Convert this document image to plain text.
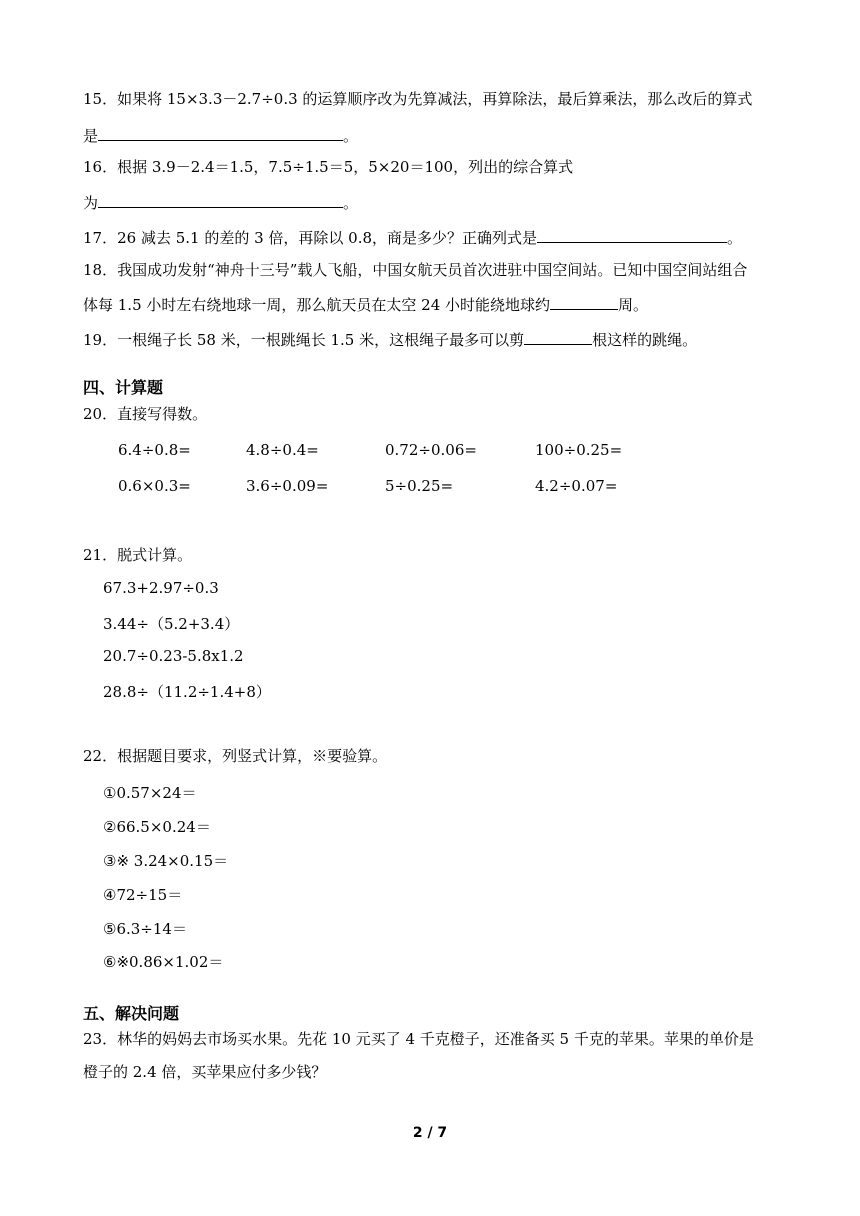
15．如果将 15×3.3－2.7÷0.3 的运算顺序改为先算减法，再算除法，最后算乘法，那么改后的算式
是	。
16．根据 3.9－2.4＝1.5，7.5÷1.5＝5，5×20＝100，列出的综合算式
为	。
17．26 减去 5.1 的差的 3 倍，再除以 0.8，商是多少？正确列式是	。
18．我国成功发射“神舟十三号”载人飞船，中国女航天员首次进驻中国空间站。已知中国空间站组合
体每 1.5 小时左右绕地球一周，那么航天员在太空 24 小时能绕地球约	周。
19．一根绳子长 58 米，一根跳绳长 1.5 米，这根绳子最多可以剪	根这样的跳绳。
四、计算题
20．直接写得数。
6.4÷0.8=	4.8÷0.4=	0.72÷0.06=	100÷0.25=
0.6×0.3=	3.6÷0.09=	5÷0.25=	4.2÷0.07=
21．脱式计算。
67.3+2.97÷0.3
3.44÷（5.2+3.4）
20.7÷0.23-5.8x1.2
28.8÷（11.2÷1.4+8）
22．根据题目要求，列竖式计算，※要验算。
①0.57×24＝
②66.5×0.24＝
③※ 3.24×0.15＝
④72÷15＝
⑤6.3÷14＝
⑥※0.86×1.02＝
五、解决问题
23．林华的妈妈去市场买水果。先花 10 元买了 4 千克橙子，还准备买 5 千克的苹果。苹果的单价是
橙子的 2.4 倍，买苹果应付多少钱？
2 / 7
